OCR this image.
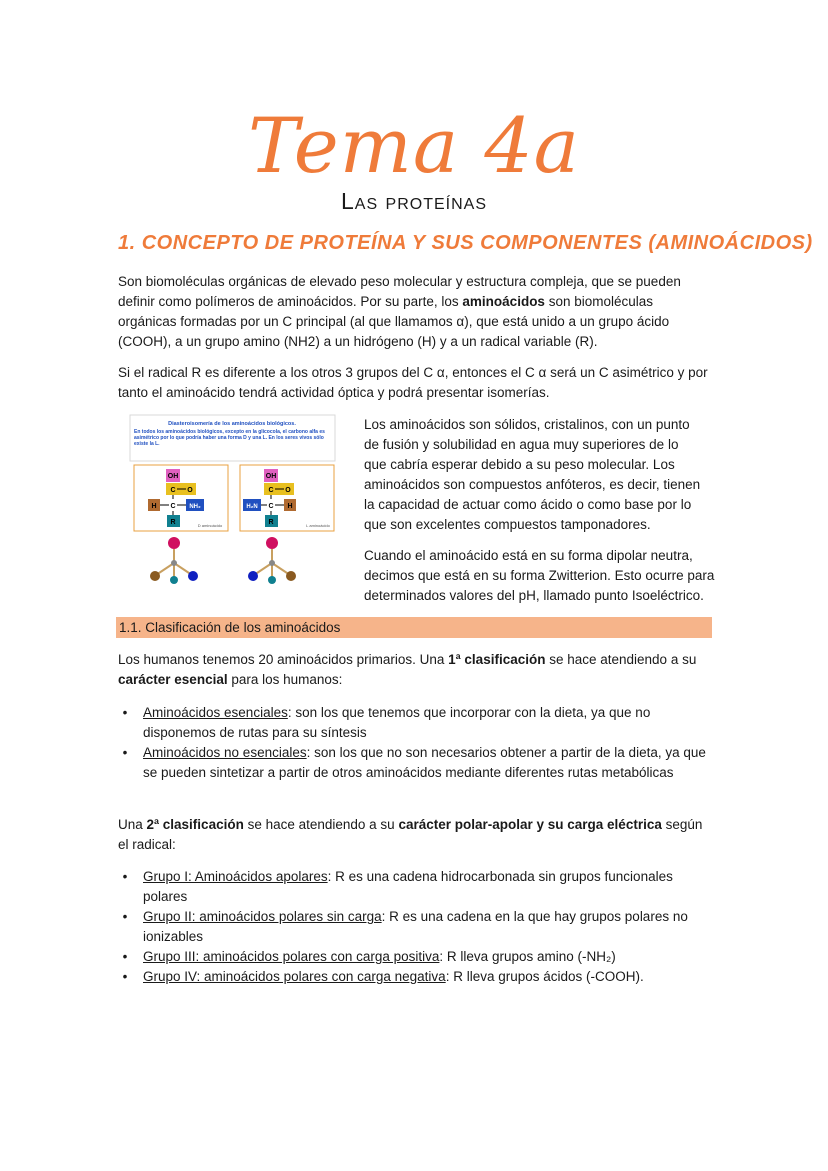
Tema 4a
Las proteínas
1. CONCEPTO DE PROTEÍNA Y SUS COMPONENTES (AMINOÁCIDOS)

Son biomoléculas orgánicas de elevado peso molecular y estructura compleja, que se pueden definir como polímeros de aminoácidos. Por su parte, los aminoácidos son biomoléculas orgánicas formadas por un C principal (al que llamamos α), que está unido a un grupo ácido (COOH), a un grupo amino (NH2) a un hidrógeno (H) y a un radical variable (R).

Si el radical R es diferente a los otros 3 grupos del C α, entonces el C α será un C asimétrico y por tanto el aminoácido tendrá actividad óptica y podrá presentar isomerías.

Diasteroisomería de los aminoácidos biológicos.
En todos los aminoácidos biológicos, excepto en la glicocola, el carbono alfa es asimétrico por lo que podría haber una forma D y una L. En los seres vivos sólo existe la L.
OH
C O
H C NH₂
R	D aminoácido
OH
C O
H₂N C H
R	L aminoácido

Los aminoácidos son sólidos, cristalinos, con un punto de fusión y solubilidad en agua muy superiores de lo que cabría esperar debido a su peso molecular. Los aminoácidos son compuestos anfóteros, es decir, tienen la capacidad de actuar como ácido o como base por lo que son excelentes compuestos tamponadores.

Cuando el aminoácido está en su forma dipolar neutra, decimos que está en su forma Zwitterion. Esto ocurre para determinados valores del pH, llamado punto Isoeléctrico.

1.1. Clasificación de los aminoácidos

Los humanos tenemos 20 aminoácidos primarios. Una 1ª clasificación se hace atendiendo a su carácter esencial para los humanos:

•	Aminoácidos esenciales: son los que tenemos que incorporar con la dieta, ya que no disponemos de rutas para su síntesis
•	Aminoácidos no esenciales: son los que no son necesarios obtener a partir de la dieta, ya que se pueden sintetizar a partir de otros aminoácidos mediante diferentes rutas metabólicas

Una 2ª clasificación se hace atendiendo a su carácter polar-apolar y su carga eléctrica según el radical:

•	Grupo I: Aminoácidos apolares: R es una cadena hidrocarbonada sin grupos funcionales polares
•	Grupo II: aminoácidos polares sin carga: R es una cadena en la que hay grupos polares no ionizables
•	Grupo III: aminoácidos polares con carga positiva: R lleva grupos amino (-NH₂)
•	Grupo IV: aminoácidos polares con carga negativa: R lleva grupos ácidos (-COOH).
